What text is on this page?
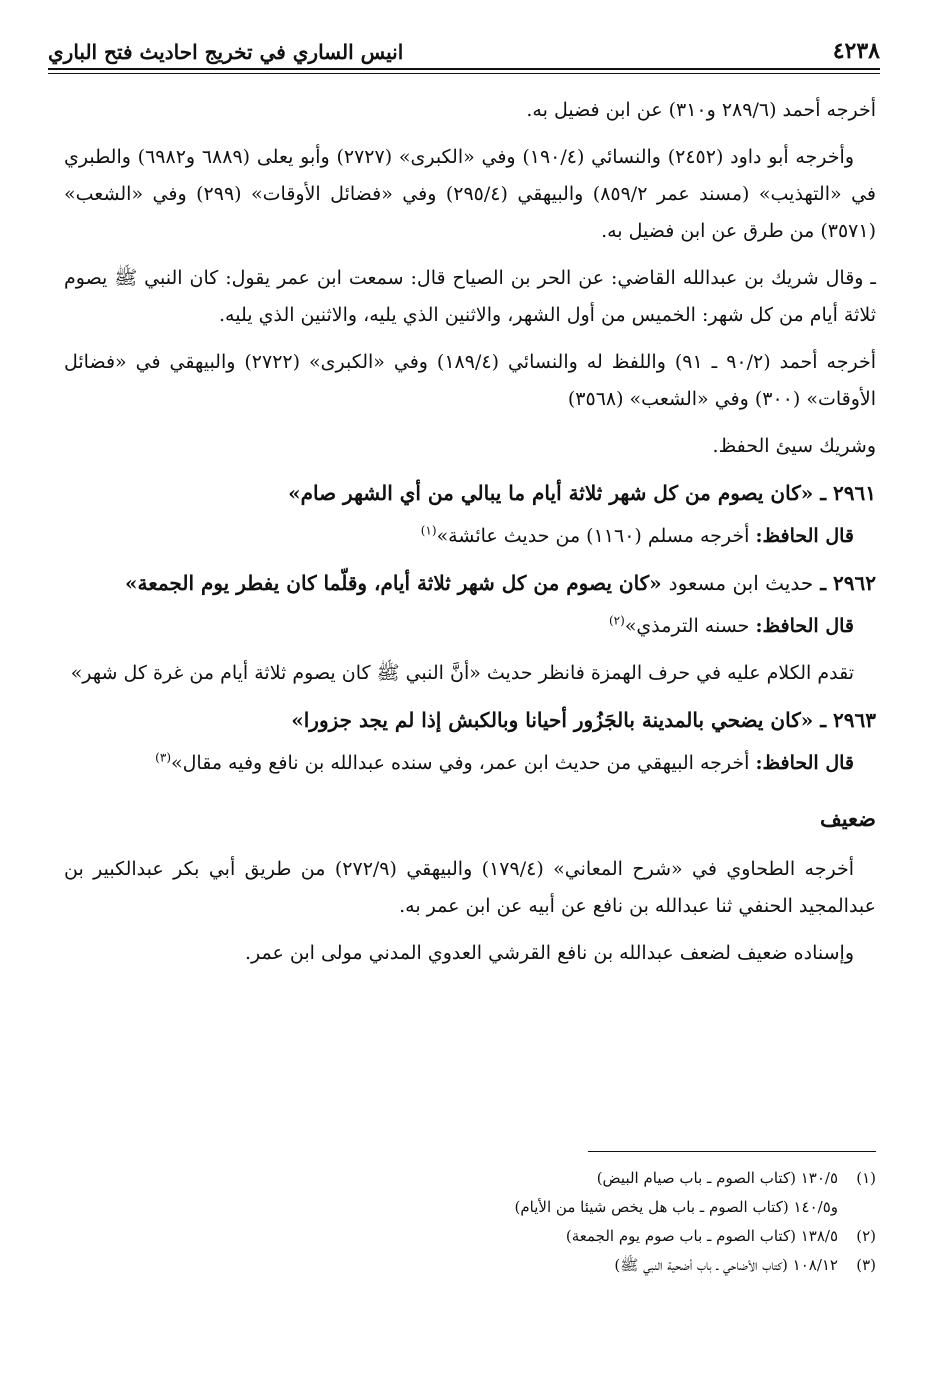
٤٢٣٨
انيس الساري في تخريج احاديث فتح الباري

أخرجه أحمد (٢٨٩/٦ و٣١٠) عن ابن فضيل به.

وأخرجه أبو داود (٢٤٥٢) والنسائي (١٩٠/٤) وفي «الكبرى» (٢٧٢٧) وأبو يعلى (٦٨٨٩ و٦٩٨٢) والطبري في «التهذيب» (مسند عمر ٨٥٩/٢) والبيهقي (٢٩٥/٤) وفي «فضائل الأوقات» (٢٩٩) وفي «الشعب» (٣٥٧١) من طرق عن ابن فضيل به.

ـ وقال شريك بن عبدالله القاضي: عن الحر بن الصياح قال: سمعت ابن عمر يقول: كان النبي ﷺ يصوم ثلاثة أيام من كل شهر: الخميس من أول الشهر، والاثنين الذي يليه، والاثنين الذي يليه.

أخرجه أحمد (٩٠/٢ ـ ٩١) واللفظ له والنسائي (١٨٩/٤) وفي «الكبرى» (٢٧٢٢) والبيهقي في «فضائل الأوقات» (٣٠٠) وفي «الشعب» (٣٥٦٨)

وشريك سيئ الحفظ.

٢٩٦١ ـ «كان يصوم من كل شهر ثلاثة أيام ما يبالي من أي الشهر صام»

قال الحافظ: أخرجه مسلم (١١٦٠) من حديث عائشة»$^{(١)}$

٢٩٦٢ ـ حديث ابن مسعود «كان يصوم من كل شهر ثلاثة أيام، وقلّما كان يفطر يوم الجمعة»

قال الحافظ: حسنه الترمذي»$^{(٢)}$

تقدم الكلام عليه في حرف الهمزة فانظر حديث «أنَّ النبي ﷺ كان يصوم ثلاثة أيام من غرة كل شهر»

٢٩٦٣ ـ «كان يضحي بالمدينة بالجَزُور أحيانا وبالكبش إذا لم يجد جزورا»

قال الحافظ: أخرجه البيهقي من حديث ابن عمر، وفي سنده عبدالله بن نافع وفيه مقال»$^{(٣)}$

ضعيف

أخرجه الطحاوي في «شرح المعاني» (١٧٩/٤) والبيهقي (٢٧٢/٩) من طريق أبي بكر عبدالكبير بن عبدالمجيد الحنفي ثنا عبدالله بن نافع عن أبيه عن ابن عمر به.

وإسناده ضعيف لضعف عبدالله بن نافع القرشي العدوي المدني مولى ابن عمر.

(١)
١٣٠/٥ (كتاب الصوم ـ باب صيام البيض)
و١٤٠/٥ (كتاب الصوم ـ باب هل يخص شيئا من الأيام)
(٢)
١٣٨/٥ (كتاب الصوم ـ باب صوم يوم الجمعة)
(٣)
١٠٨/١٢ (كتاب الأضاحي ـ باب أضحية النبي ﷺ)
